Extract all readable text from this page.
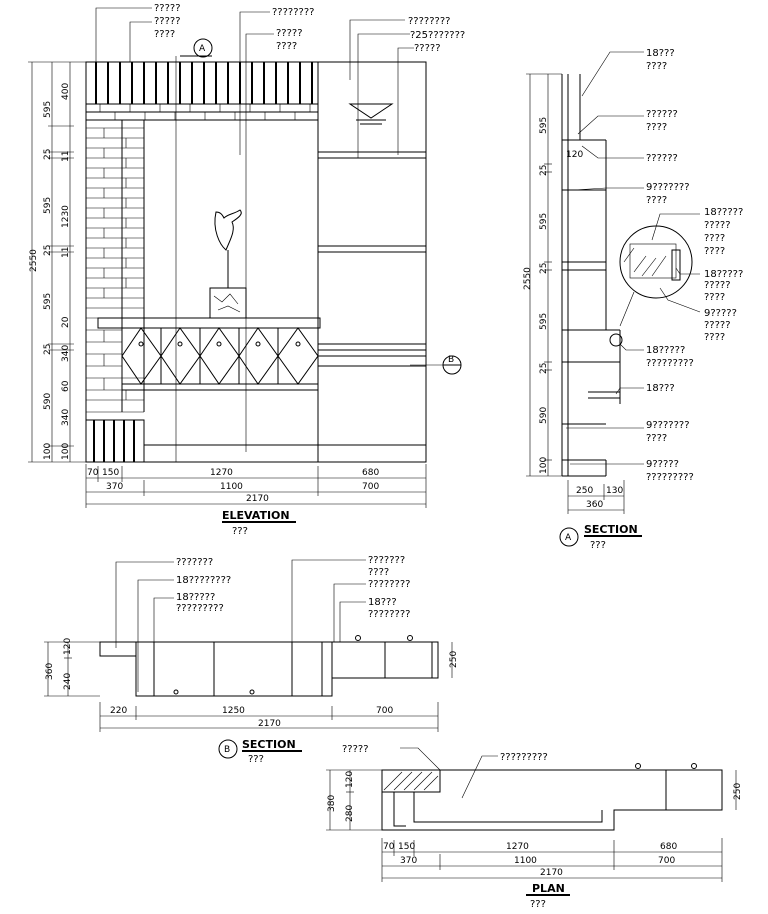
A
B
?????
?????
????
????????
?????
????
????????
?25???????
?????
595
25
595
25
595
25
590
100
400
11
1230
11
20
340
60
340
100
2550
70 150	1270	680
370	1100	700
2170
ELEVATION
???
18???
????
??????
????
??????
9???????
????
18?????
?????
????
????
18?????
?????
????
9?????
?????
????
18?????
?????????
18???
9???????
????
9?????
?????????
120
595
25
595
25
595
25
590
100
2550
250 130
360
A
SECTION
???
???????
18????????
18?????
?????????
???????
????
????????
18???
????????
360
120
240
250
220	1250	700
2170
B SECTION
???
?????
?????????
380
120
280
250
70 150	1270	680
370	1100	700
2170
PLAN
???
